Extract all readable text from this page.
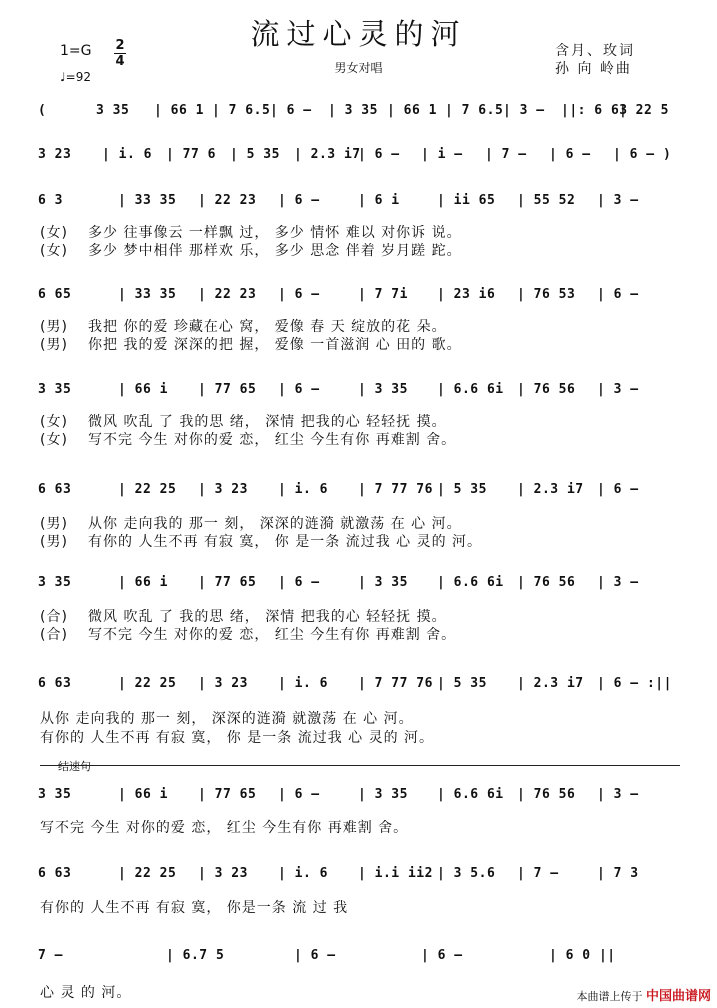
流过心灵的河
男女对唱
1=G 2
4
♩=92
含月、玫词
孙 向 岭曲
(	3 35 | 66 1 | 7 6.5 | 6 – | 3 35 | 66 1 | 7 6.5 | 3 – ||: 6 63
| 22 5
3 23 | i. 6 | 77 6 | 5 35 | 2.3 i7
| 6 – | i – | 7 – | 6 – | 6 – )
6 3	| 33 35 | 22 23 | 6 –	| 6 i	| ii 65 | 55 52 | 3 –
(女) 多少 往事像云 一样飘 过， 多少 情怀 难以 对你诉 说。
(女) 多少 梦中相伴 那样欢 乐， 多少 思念 伴着 岁月蹉 跎。
6 65	| 33 35 | 22 23 | 6 –	| 7 7i | 23 i6 | 76 53 | 6 –
(男) 我把 你的爱 珍藏在心 窝， 爱像 春 天 绽放的花 朵。
(男) 你把 我的爱 深深的把 握， 爱像 一首滋润 心 田的 歌。
3 35	| 66 i | 77 65 | 6 –	| 3 35 | 6.6 6i | 76 56 | 3 –
(女) 微风 吹乱 了 我的思 绪， 深情 把我的心 轻轻抚 摸。
(女) 写不完 今生 对你的爱 恋， 红尘 今生有你 再难割 舍。
6 63	| 22 25 | 3 23 | i. 6 | 7 77 76 | 5 35 | 2.3 i7 | 6 –
(男) 从你 走向我的 那一 刻， 深深的涟漪 就激荡 在 心 河。
(男) 有你的 人生不再 有寂 寞， 你 是一条 流过我 心 灵的 河。
3 35	| 66 i | 77 65 | 6 –	| 3 35 | 6.6 6i | 76 56 | 3 –
(合) 微风 吹乱 了 我的思 绪， 深情 把我的心 轻轻抚 摸。
(合) 写不完 今生 对你的爱 恋， 红尘 今生有你 再难割 舍。
6 63	| 22 25 | 3 23 | i. 6 | 7 77 76 | 5 35 | 2.3 i7 | 6 – :||
从你 走向我的 那一 刻， 深深的涟漪 就激荡 在 心 河。
有你的 人生不再 有寂 寞， 你 是一条 流过我 心 灵的 河。
结速句
3 35	| 66 i | 77 65 | 6 –	| 3 35 | 6.6 6i | 76 56 | 3 –
写不完 今生 对你的爱 恋， 红尘 今生有你 再难割 舍。
6 63	| 22 25 | 3 23 | i. 6 | i.i ii2 | 3 5.6 | 7 –	| 7 3
有你的 人生不再 有寂 寞， 你是一条 流 过 我
7 –	| 6.7 5	| 6 –	| 6 –	| 6 0 ||
心 灵 的 河。	本曲谱上传于 中国曲谱网
